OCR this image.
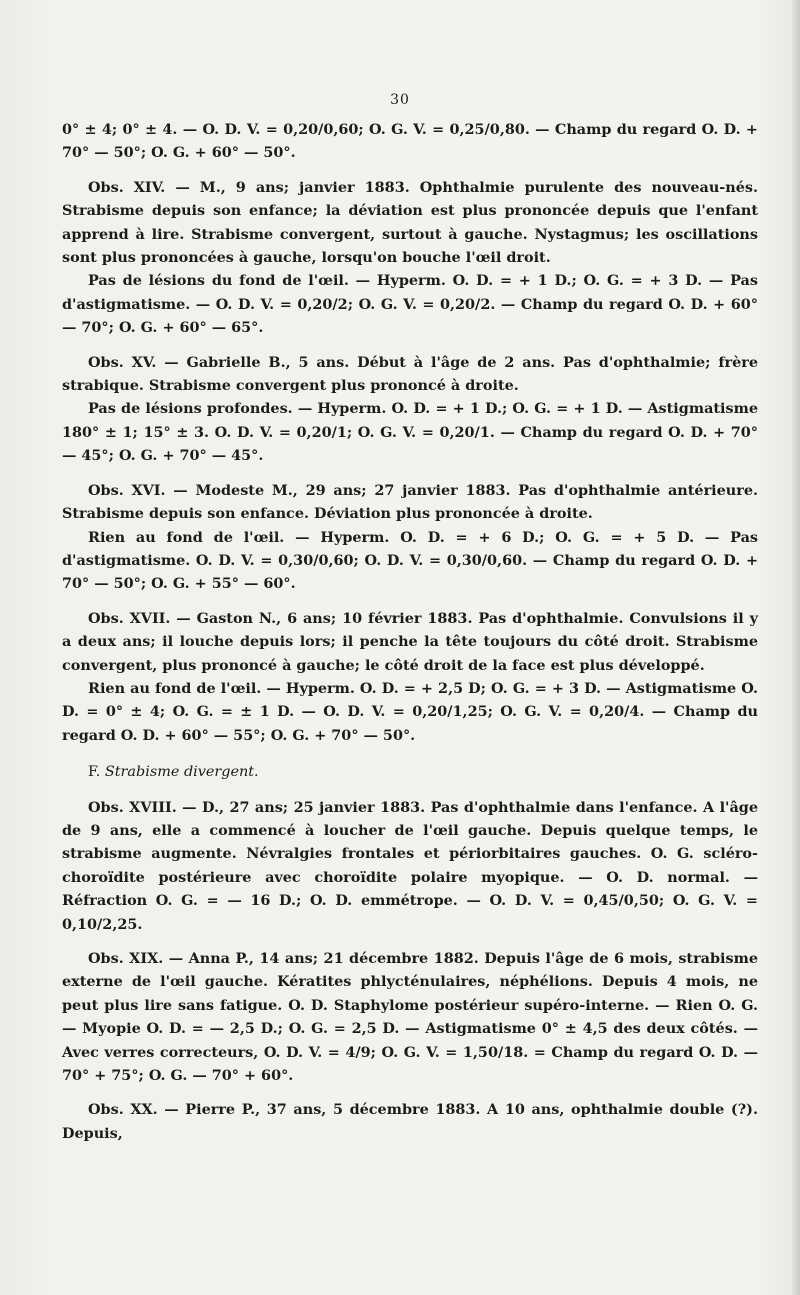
30

0° ± 4; 0° ± 4. — O. D. V. = 0,20/0,60; O. G. V. = 0,25/0,80. — Champ du regard O. D. + 70° — 50°; O. G. + 60° — 50°.

Obs. XIV. — M., 9 ans; janvier 1883. Ophthalmie purulente des nouveau-nés. Strabisme depuis son enfance; la déviation est plus prononcée depuis que l'enfant apprend à lire. Strabisme convergent, surtout à gauche. Nystagmus; les oscillations sont plus prononcées à gauche, lorsqu'on bouche l'œil droit.

Pas de lésions du fond de l'œil. — Hyperm. O. D. = + 1 D.; O. G. = + 3 D. — Pas d'astigmatisme. — O. D. V. = 0,20/2; O. G. V. = 0,20/2. — Champ du regard O. D. + 60° — 70°; O. G. + 60° — 65°.

Obs. XV. — Gabrielle B., 5 ans. Début à l'âge de 2 ans. Pas d'ophthalmie; frère strabique. Strabisme convergent plus prononcé à droite.

Pas de lésions profondes. — Hyperm. O. D. = + 1 D.; O. G. = + 1 D. — Astigmatisme 180° ± 1; 15° ± 3. O. D. V. = 0,20/1; O. G. V. = 0,20/1. — Champ du regard O. D. + 70° — 45°; O. G. + 70° — 45°.

Obs. XVI. — Modeste M., 29 ans; 27 janvier 1883. Pas d'ophthalmie antérieure. Strabisme depuis son enfance. Déviation plus prononcée à droite.

Rien au fond de l'œil. — Hyperm. O. D. = + 6 D.; O. G. = + 5 D. — Pas d'astigmatisme. O. D. V. = 0,30/0,60; O. D. V. = 0,30/0,60. — Champ du regard O. D. + 70° — 50°; O. G. + 55° — 60°.

Obs. XVII. — Gaston N., 6 ans; 10 février 1883. Pas d'ophthalmie. Convulsions il y a deux ans; il louche depuis lors; il penche la tête toujours du côté droit. Strabisme convergent, plus prononcé à gauche; le côté droit de la face est plus développé.

Rien au fond de l'œil. — Hyperm. O. D. = + 2,5 D; O. G. = + 3 D. — Astigmatisme O. D. = 0° ± 4; O. G. = ± 1 D. — O. D. V. = 0,20/1,25; O. G. V. = 0,20/4. — Champ du regard O. D. + 60° — 55°; O. G. + 70° — 50°.

F. Strabisme divergent.

Obs. XVIII. — D., 27 ans; 25 janvier 1883. Pas d'ophthalmie dans l'enfance. A l'âge de 9 ans, elle a commencé à loucher de l'œil gauche. Depuis quelque temps, le strabisme augmente. Névralgies frontales et périorbitaires gauches. O. G. scléro-choroïdite postérieure avec choroïdite polaire myopique. — O. D. normal. — Réfraction O. G. = — 16 D.; O. D. emmétrope. — O. D. V. = 0,45/0,50; O. G. V. = 0,10/2,25.

Obs. XIX. — Anna P., 14 ans; 21 décembre 1882. Depuis l'âge de 6 mois, strabisme externe de l'œil gauche. Kératites phlycténulaires, néphélions. Depuis 4 mois, ne peut plus lire sans fatigue. O. D. Staphylome postérieur supéro-interne. — Rien O. G. — Myopie O. D. = — 2,5 D.; O. G. = 2,5 D. — Astigmatisme 0° ± 4,5 des deux côtés. — Avec verres correcteurs, O. D. V. = 4/9; O. G. V. = 1,50/18. = Champ du regard O. D. — 70° + 75°; O. G. — 70° + 60°.

Obs. XX. — Pierre P., 37 ans, 5 décembre 1883. A 10 ans, ophthalmie double (?). Depuis,
